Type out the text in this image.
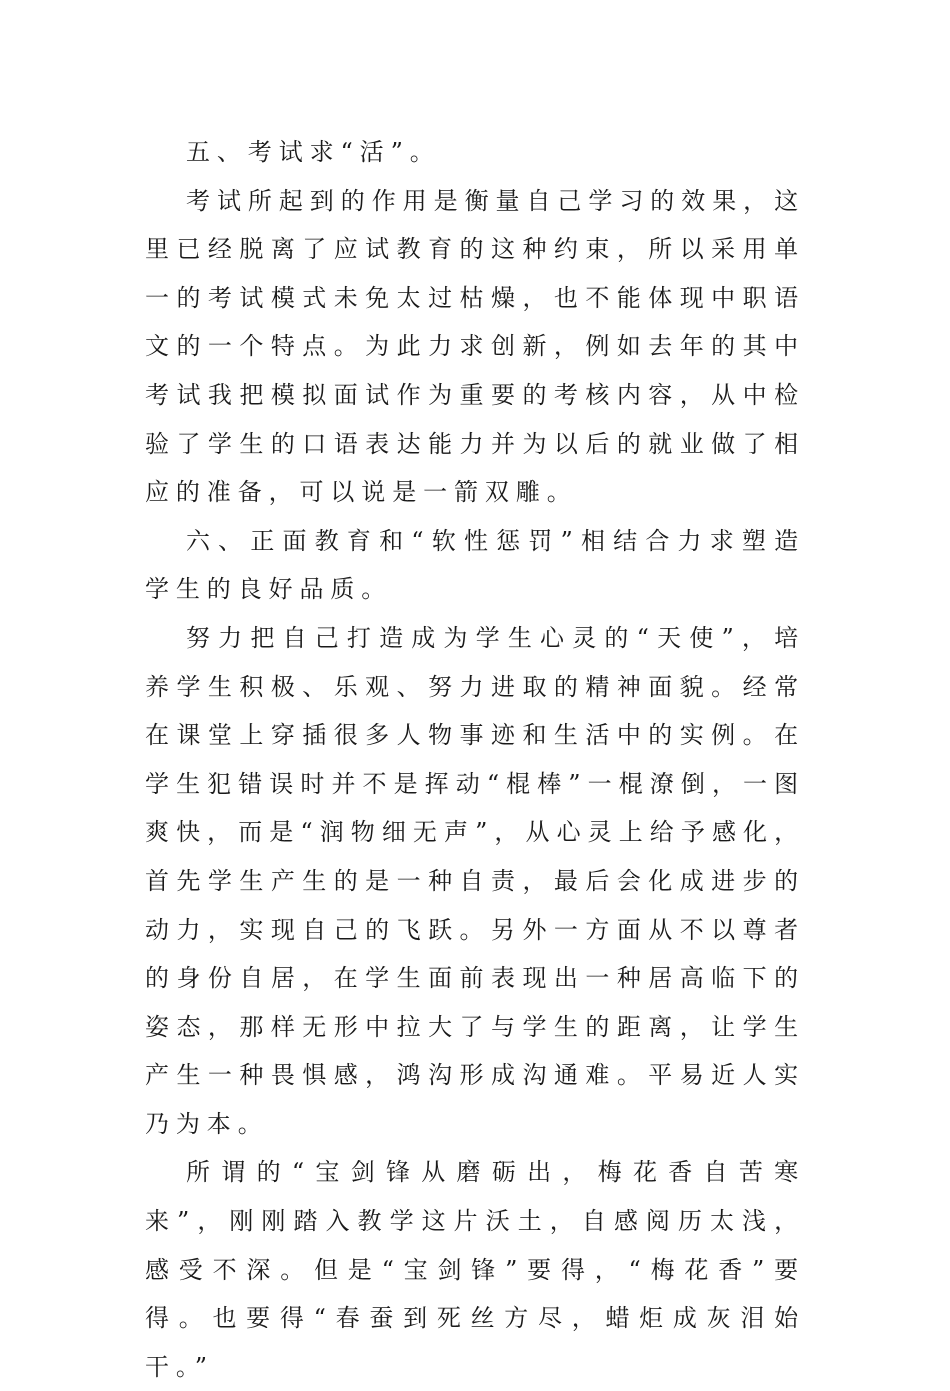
五、考试求“活”。

考试所起到的作用是衡量自己学习的效果，这里已经脱离了应试教育的这种约束，所以采用单一的考试模式未免太过枯燥，也不能体现中职语文的一个特点。为此力求创新，例如去年的其中考试我把模拟面试作为重要的考核内容，从中检验了学生的口语表达能力并为以后的就业做了相应的准备，可以说是一箭双雕。

六、正面教育和“软性惩罚”相结合力求塑造学生的良好品质。

努力把自己打造成为学生心灵的“天使”，培养学生积极、乐观、努力进取的精神面貌。经常在课堂上穿插很多人物事迹和生活中的实例。在学生犯错误时并不是挥动“棍棒”一棍潦倒，一图爽快，而是“润物细无声”，从心灵上给予感化，首先学生产生的是一种自责，最后会化成进步的动力，实现自己的飞跃。另外一方面从不以尊者的身份自居，在学生面前表现出一种居高临下的姿态，那样无形中拉大了与学生的距离，让学生产生一种畏惧感，鸿沟形成沟通难。平易近人实乃为本。

所谓的“宝剑锋从磨砺出，梅花香自苦寒来”，刚刚踏入教学这片沃土，自感阅历太浅，感受不深。但是“宝剑锋”要得，“梅花香”要得。也要得“春蚕到死丝方尽，蜡炬成灰泪始干。”
